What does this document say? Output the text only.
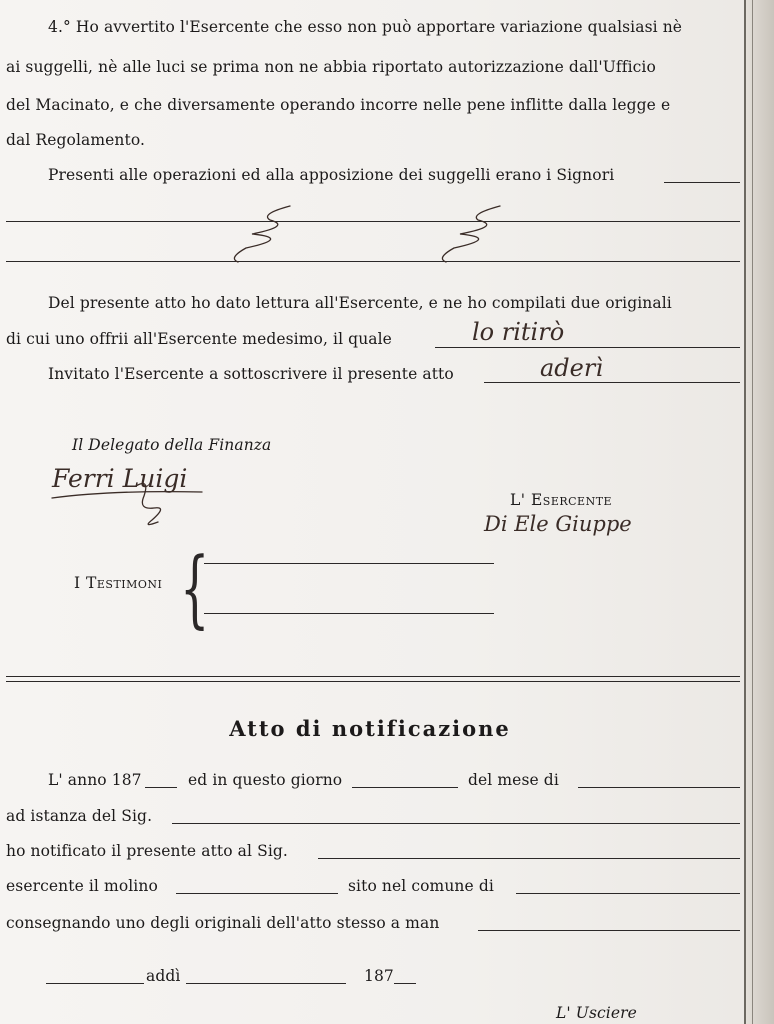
4.° Ho avvertito l'Esercente che esso non può apportare variazione qualsiasi nè
ai suggelli, nè alle luci se prima non ne abbia riportato autorizzazione dall'Ufficio
del Macinato, e che diversamente operando incorre nelle pene inflitte dalla legge e
dal Regolamento.
Presenti alle operazioni ed alla apposizione dei suggelli erano i Signori
Del presente atto ho dato lettura all'Esercente, e ne ho compilati due originali
di cui uno offrii all'Esercente medesimo, il quale	lo ritirò
Invitato l'Esercente a sottoscrivere il presente atto	aderì
Il Delegato della Finanza
Ferri Luigi
L' Esercente
Di Ele Giuppe
I Testimoni {
Atto di notificazione
L' anno 187	ed in questo giorno	del mese di
ad istanza del Sig.
ho notificato il presente atto al Sig.
esercente il molino	sito nel comune di
consegnando uno degli originali dell'atto stesso a man
addì	187
L' Usciere
